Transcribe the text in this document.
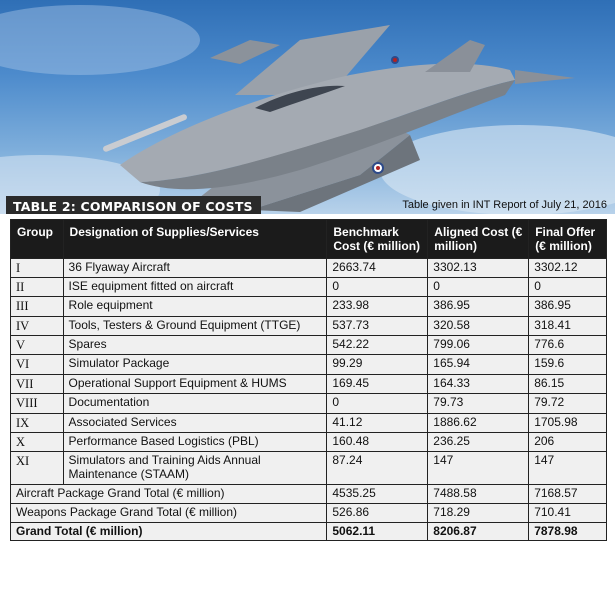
TABLE 2: COMPARISON OF COSTS	Table given in INT Report of July 21, 2016
Group	Designation of Supplies/Services	Benchmark Cost (€ million)	Aligned Cost (€ million)	Final Offer (€ million)
I	36 Flyaway Aircraft	2663.74	3302.13	3302.12
II	ISE equipment fitted on aircraft	0	0	0
III	Role equipment	233.98	386.95	386.95
IV	Tools, Testers & Ground Equipment (TTGE)	537.73	320.58	318.41
V	Spares	542.22	799.06	776.6
VI	Simulator Package	99.29	165.94	159.6
VII	Operational Support Equipment & HUMS	169.45	164.33	86.15
VIII	Documentation	0	79.73	79.72
IX	Associated Services	41.12	1886.62	1705.98
X	Performance Based Logistics (PBL)	160.48	236.25	206
XI	Simulators and Training Aids Annual Maintenance (STAAM)	87.24	147	147
Aircraft Package Grand Total (€ million)		4535.25	7488.58	7168.57
Weapons Package Grand Total (€ million)		526.86	718.29	710.41
Grand Total (€ million)		5062.11	8206.87	7878.98
